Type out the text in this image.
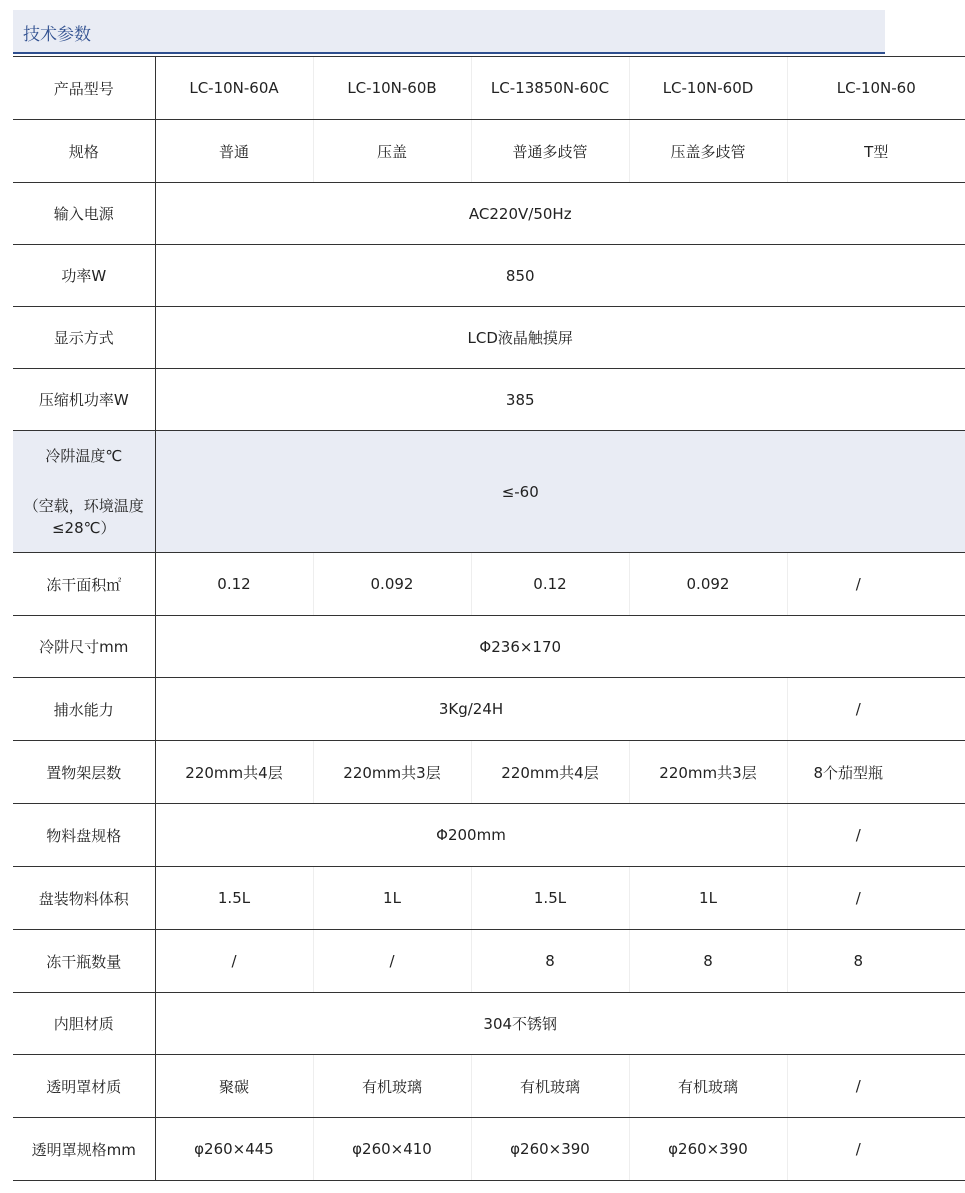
技术参数
产品型号	LC-10N-60A	LC-10N-60B	LC-13850N-60C	LC-10N-60D	LC-10N-60
规格	普通	压盖	普通多歧管	压盖多歧管	T型
输入电源	AC220V/50Hz				
功率W	850				
显示方式	LCD液晶触摸屏				
压缩机功率W	385				

冷阱温度℃
（空载，环境温度≤28℃）	≤-60				
冻干面积㎡	0.12	0.092	0.12	0.092	/
冷阱尺寸mm	Φ236×170				
捕水能力	3Kg/24H				/
置物架层数	220mm共4层	220mm共3层	220mm共4层	220mm共3层	8个茄型瓶
物料盘规格	Φ200mm				/
盘装物料体积	1.5L	1L	1.5L	1L	/
冻干瓶数量	/	/	8	8	8
内胆材质	304不锈钢				
透明罩材质	聚碳	有机玻璃	有机玻璃	有机玻璃	/
透明罩规格mm	φ260×445	φ260×410	φ260×390	φ260×390	/
